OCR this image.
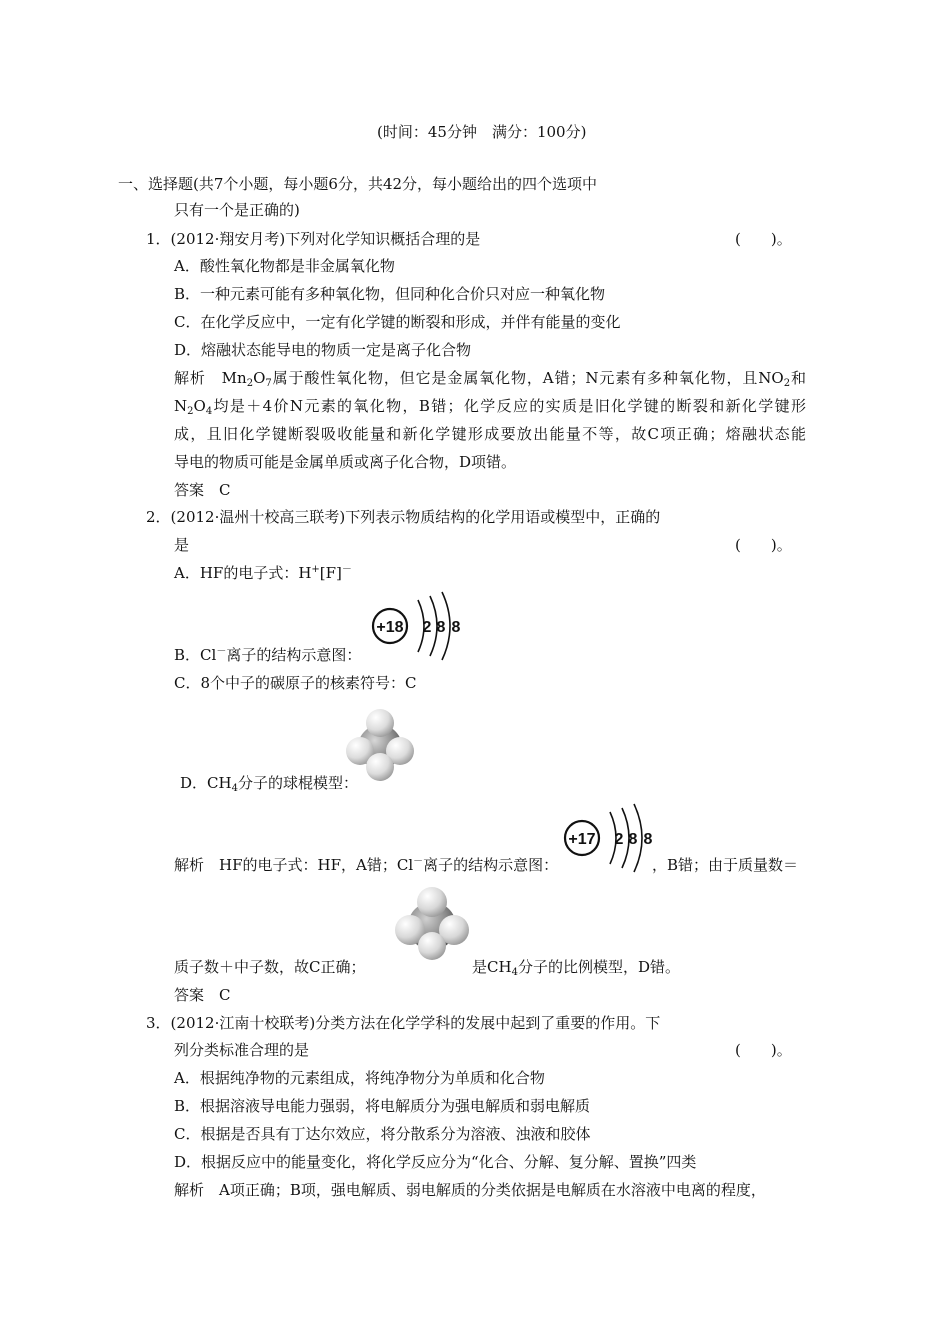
(时间：45分钟　满分：100分)
一、选择题(共7个小题，每小题6分，共42分，每小题给出的四个选项中
只有一个是正确的)
1．(2012·翔安月考)下列对化学知识概括合理的是	(　　)。
A．酸性氧化物都是非金属氧化物
B．一种元素可能有多种氧化物，但同种化合价只对应一种氧化物
C．在化学反应中，一定有化学键的断裂和形成，并伴有能量的变化
D．熔融状态能导电的物质一定是离子化合物
解析　 $Mn_2O_7$属于酸性氧化物，但它是金属氧化物，A错；N元素有多种氧化物，且$NO_2$和
$N_2O_4$均是＋4价N元素的氧化物，B错；化学反应的实质是旧化学键的断裂和新化学键形
成，且旧化学键断裂吸收能量和新化学键形成要放出能量不等，故C项正确；熔融状态能
导电的物质可能是金属单质或离子化合物，D项错。
答案　C
2．(2012·温州十校高三联考)下列表示物质结构的化学用语或模型中，正确的
是	(　　)。
A．HF的电子式：H+[F]－
+18 2 8 8
B．Cl－离子的结构示意图：
C．8个中子的碳原子的核素符号：C
D．$CH_4$分子的球棍模型：
解析　 HF的电子式：HF，A错；Cl－离子的结构示意图：
+17 2 8 8
，B错；由于质量数＝
质子数＋中子数，故C正确；	是$CH_4$分子的比例模型，D错。
答案　C
3．(2012·江南十校联考)分类方法在化学学科的发展中起到了重要的作用。下
列分类标准合理的是	(　　)。
A．根据纯净物的元素组成，将纯净物分为单质和化合物
B．根据溶液导电能力强弱，将电解质分为强电解质和弱电解质
C．根据是否具有丁达尔效应，将分散系分为溶液、浊液和胶体
D．根据反应中的能量变化，将化学反应分为“化合、分解、复分解、置换”四类
解析　 A项正确；B项，强电解质、弱电解质的分类依据是电解质在水溶液中电离的程度，
